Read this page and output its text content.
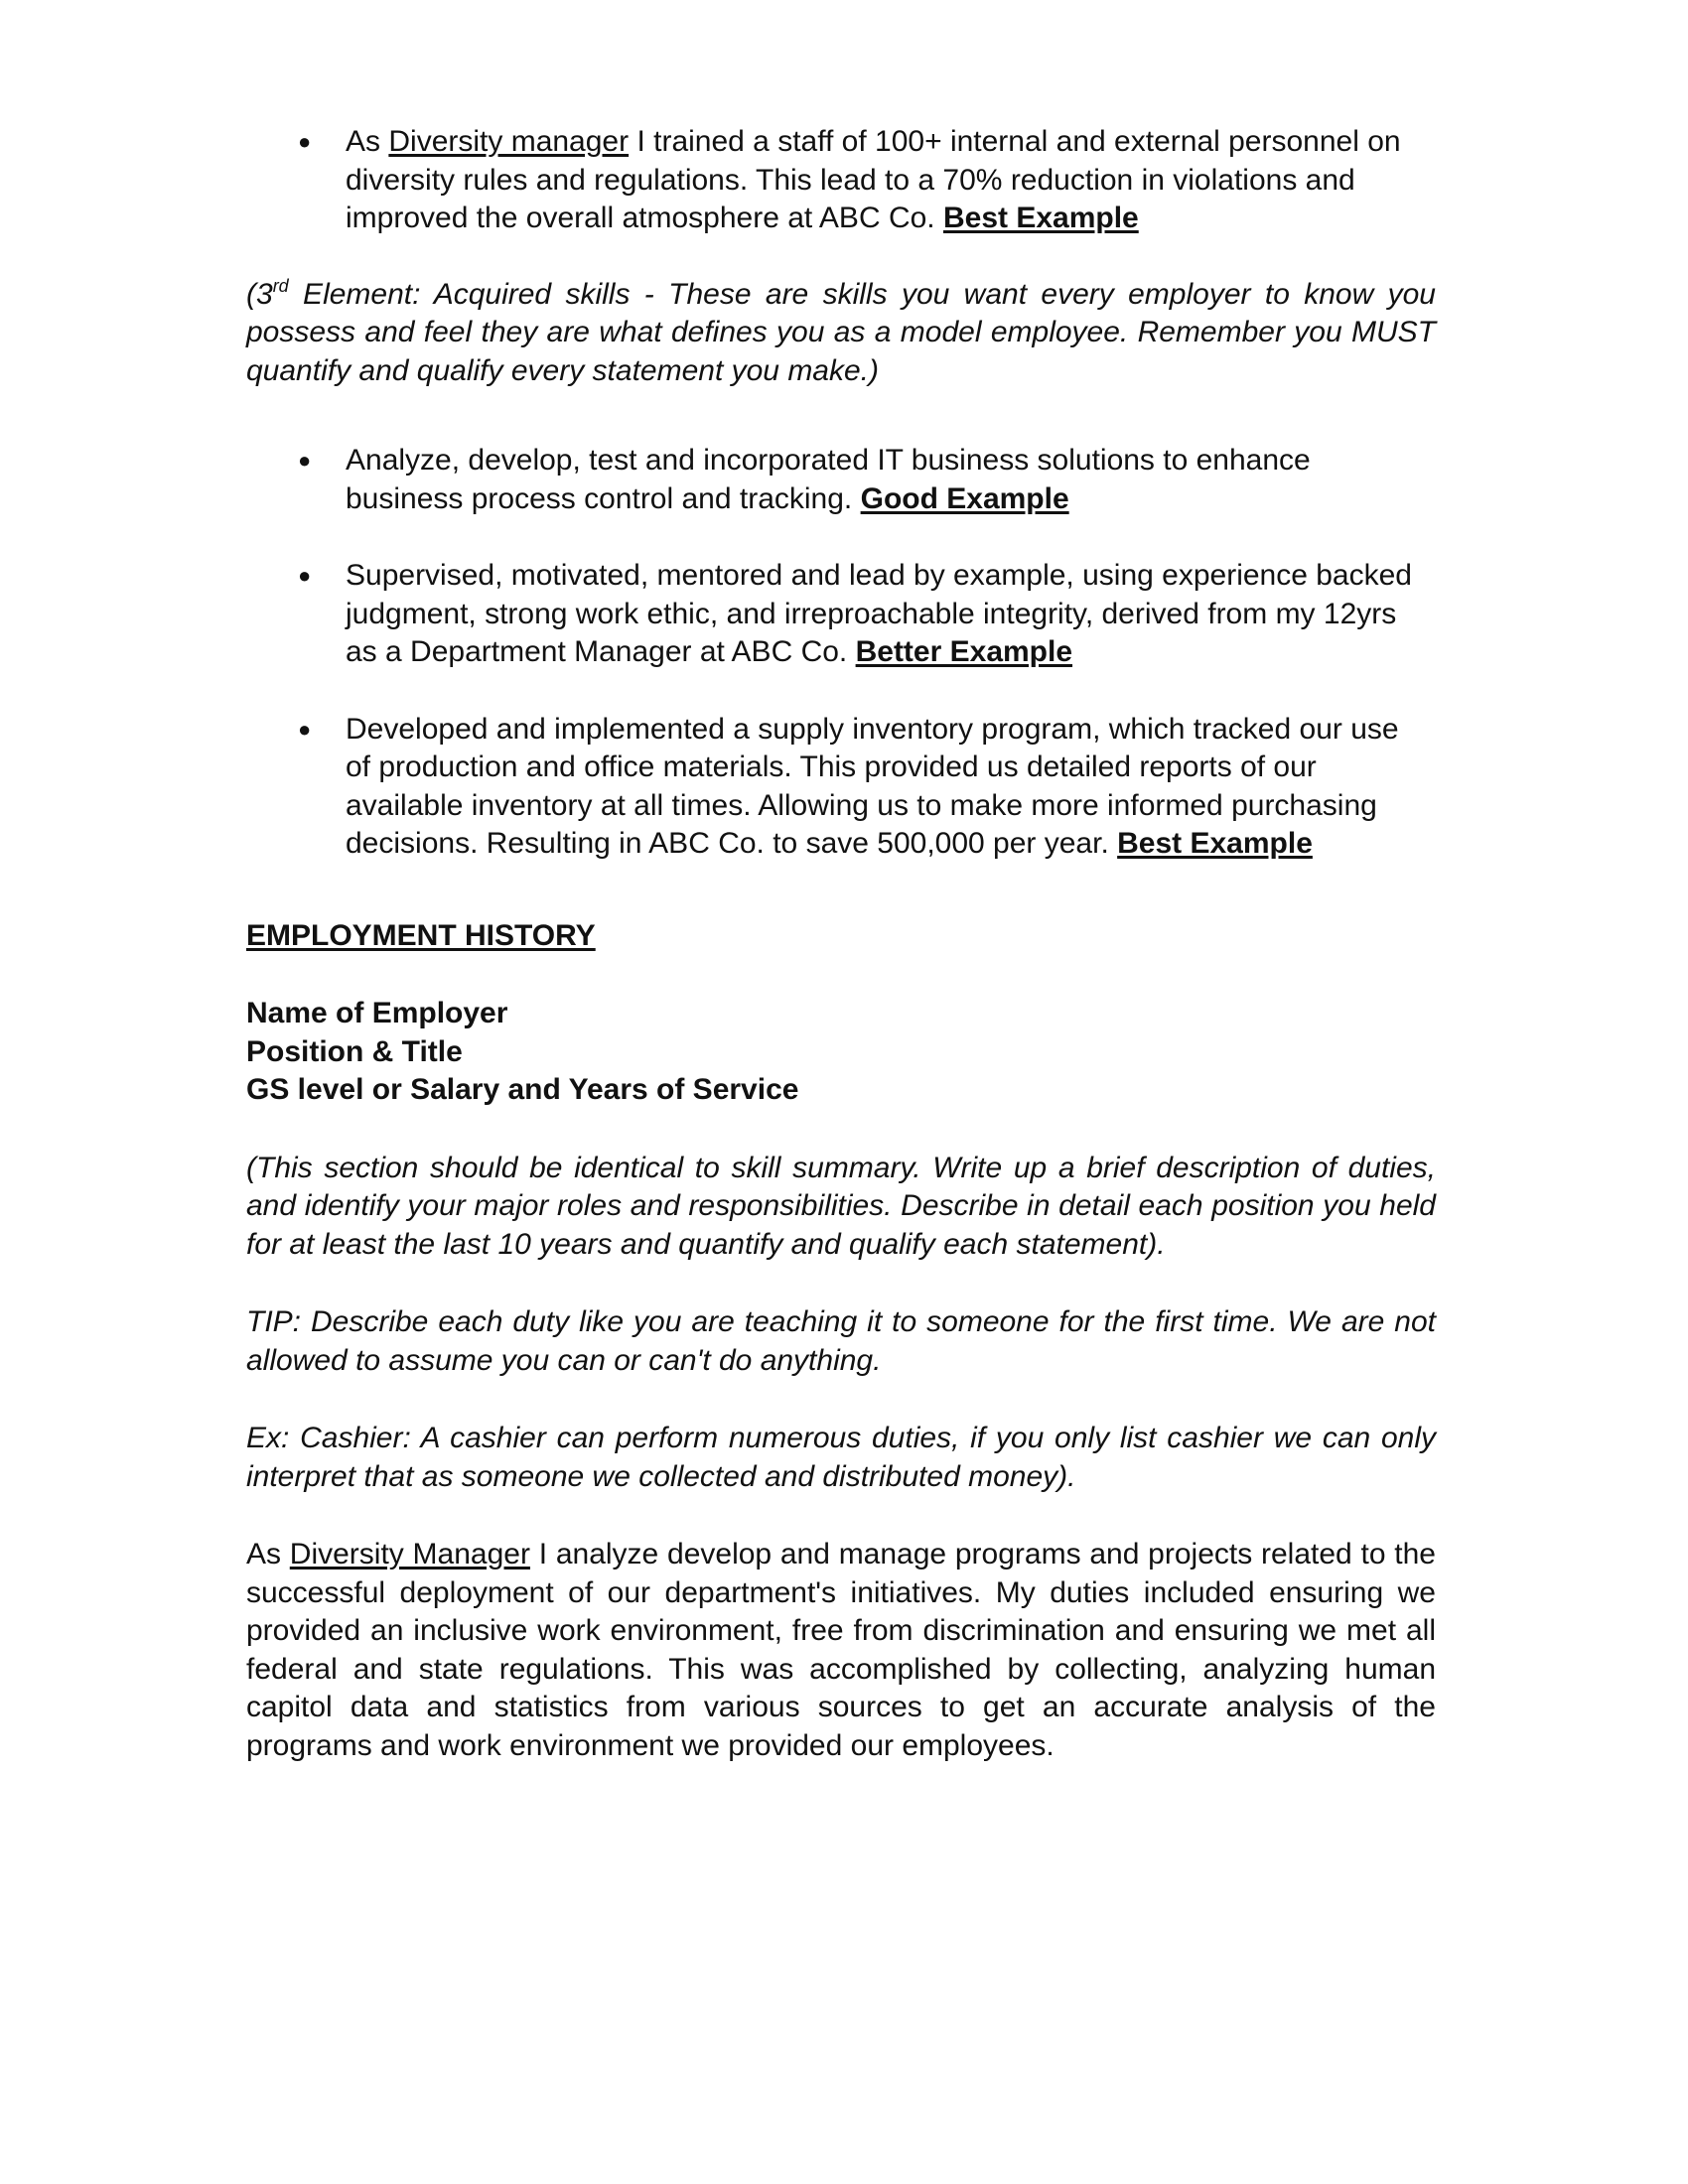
● As Diversity manager I trained a staff of 100+ internal and external personnel on diversity rules and regulations. This lead to a 70% reduction in violations and improved the overall atmosphere at ABC Co. Best Example

(3rd Element: Acquired skills - These are skills you want every employer to know you possess and feel they are what defines you as a model employee. Remember you MUST quantify and qualify every statement you make.)

● Analyze, develop, test and incorporated IT business solutions to enhance business process control and tracking. Good Example
● Supervised, motivated, mentored and lead by example, using experience backed judgment, strong work ethic, and irreproachable integrity, derived from my 12yrs as a Department Manager at ABC Co. Better Example
● Developed and implemented a supply inventory program, which tracked our use of production and office materials. This provided us detailed reports of our available inventory at all times. Allowing us to make more informed purchasing decisions. Resulting in ABC Co. to save 500,000 per year. Best Example

EMPLOYMENT HISTORY

Name of Employer

Position & Title

GS level or Salary and Years of Service

(This section should be identical to skill summary. Write up a brief description of duties, and identify your major roles and responsibilities. Describe in detail each position you held for at least the last 10 years and quantify and qualify each statement).

TIP: Describe each duty like you are teaching it to someone for the first time. We are not allowed to assume you can or can't do anything.

Ex: Cashier: A cashier can perform numerous duties, if you only list cashier we can only interpret that as someone we collected and distributed money).

As Diversity Manager I analyze develop and manage programs and projects related to the successful deployment of our department's initiatives. My duties included ensuring we provided an inclusive work environment, free from discrimination and ensuring we met all federal and state regulations. This was accomplished by collecting, analyzing human capitol data and statistics from various sources to get an accurate analysis of the programs and work environment we provided our employees.
